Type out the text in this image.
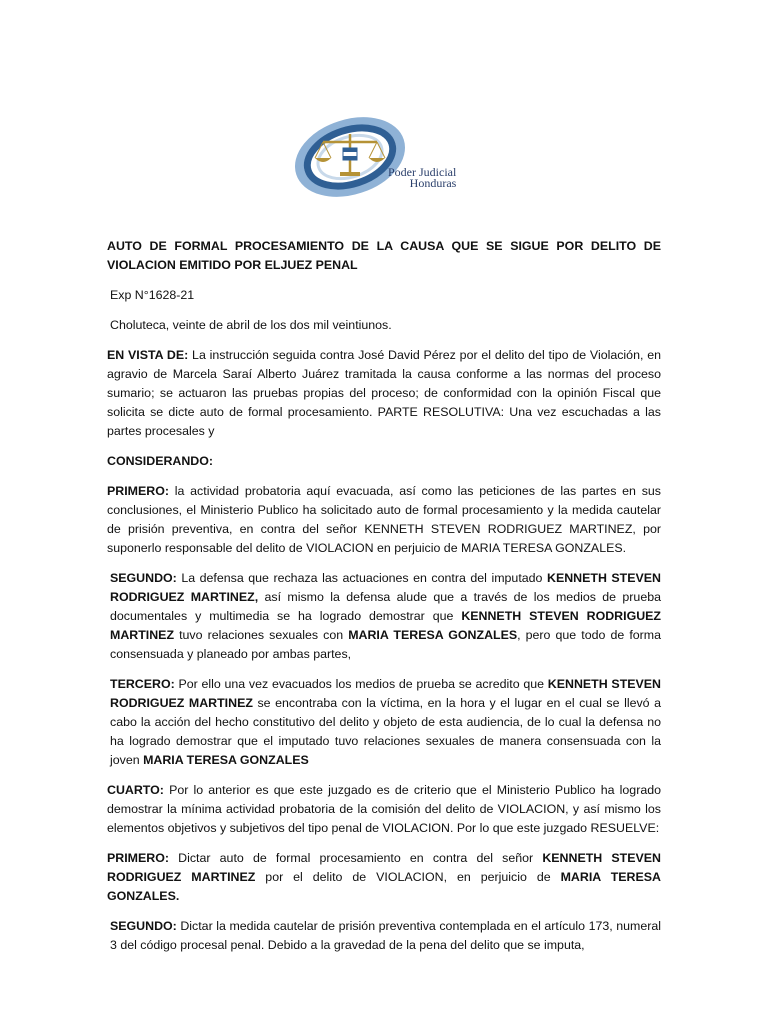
Poder Judicial
Honduras

AUTO DE FORMAL PROCESAMIENTO DE LA CAUSA QUE SE SIGUE POR DELITO DE VIOLACION EMITIDO POR ELJUEZ PENAL

Exp N°1628-21

Choluteca, veinte de abril de los dos mil veintiunos.

EN VISTA DE: La instrucción seguida contra José David Pérez por el delito del tipo de Violación, en agravio de Marcela Saraí Alberto Juárez tramitada la causa conforme a las normas del proceso sumario; se actuaron las pruebas propias del proceso; de conformidad con la opinión Fiscal que solicita se dicte auto de formal procesamiento. PARTE RESOLUTIVA: Una vez escuchadas a las partes procesales y

CONSIDERANDO:

PRIMERO: la actividad probatoria aquí evacuada, así como las peticiones de las partes en sus conclusiones, el Ministerio Publico ha solicitado auto de formal procesamiento y la medida cautelar de prisión preventiva, en contra del señor KENNETH STEVEN RODRIGUEZ MARTINEZ, por suponerlo responsable del delito de VIOLACION en perjuicio de MARIA TERESA GONZALES.

SEGUNDO: La defensa que rechaza las actuaciones en contra del imputado KENNETH STEVEN RODRIGUEZ MARTINEZ, así mismo la defensa alude que a través de los medios de prueba documentales y multimedia se ha logrado demostrar que KENNETH STEVEN RODRIGUEZ MARTINEZ tuvo relaciones sexuales con MARIA TERESA GONZALES, pero que todo de forma consensuada y planeado por ambas partes,

TERCERO: Por ello una vez evacuados los medios de prueba se acredito que KENNETH STEVEN RODRIGUEZ MARTINEZ se encontraba con la víctima, en la hora y el lugar en el cual se llevó a cabo la acción del hecho constitutivo del delito y objeto de esta audiencia, de lo cual la defensa no ha logrado demostrar que el imputado tuvo relaciones sexuales de manera consensuada con la joven MARIA TERESA GONZALES

CUARTO: Por lo anterior es que este juzgado es de criterio que el Ministerio Publico ha logrado demostrar la mínima actividad probatoria de la comisión del delito de VIOLACION, y así mismo los elementos objetivos y subjetivos del tipo penal de VIOLACION. Por lo que este juzgado RESUELVE:

PRIMERO: Dictar auto de formal procesamiento en contra del señor KENNETH STEVEN RODRIGUEZ MARTINEZ por el delito de VIOLACION, en perjuicio de MARIA TERESA GONZALES.

SEGUNDO: Dictar la medida cautelar de prisión preventiva contemplada en el artículo 173, numeral 3 del código procesal penal. Debido a la gravedad de la pena del delito que se imputa,
